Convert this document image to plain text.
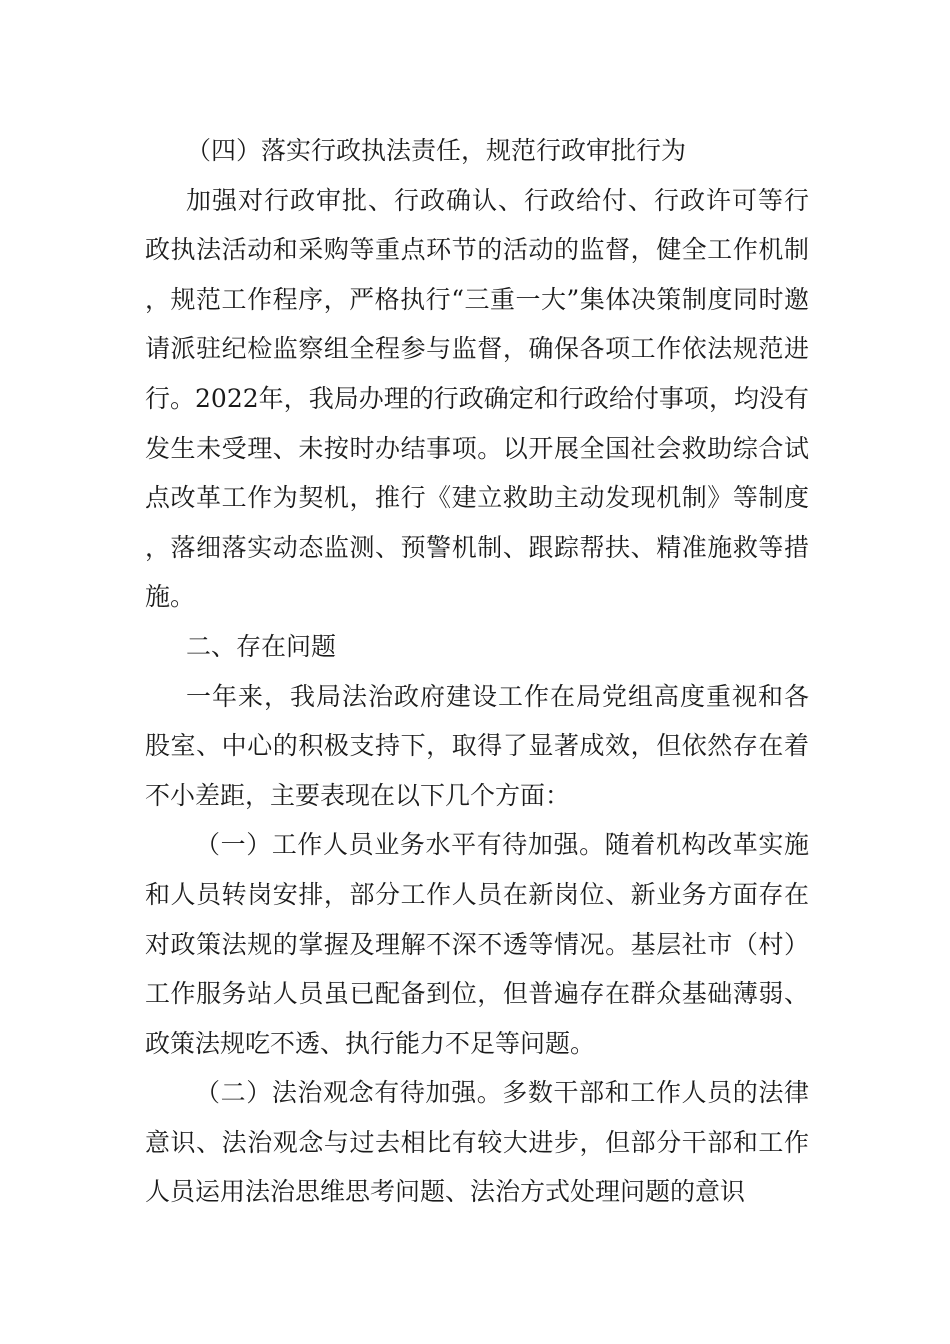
（四）落实行政执法责任，规范行政审批行为

加强对行政审批、行政确认、行政给付、行政许可等行政执法活动和采购等重点环节的活动的监督，健全工作机制，规范工作程序，严格执行“三重一大”集体决策制度同时邀请派驻纪检监察组全程参与监督，确保各项工作依法规范进行。2022年，我局办理的行政确定和行政给付事项，均没有发生未受理、未按时办结事项。以开展全国社会救助综合试点改革工作为契机，推行《建立救助主动发现机制》等制度，落细落实动态监测、预警机制、跟踪帮扶、精准施救等措施。

二、存在问题

一年来，我局法治政府建设工作在局党组高度重视和各股室、中心的积极支持下，取得了显著成效，但依然存在着不小差距，主要表现在以下几个方面：

（一）工作人员业务水平有待加强。随着机构改革实施和人员转岗安排，部分工作人员在新岗位、新业务方面存在对政策法规的掌握及理解不深不透等情况。基层社市（村）工作服务站人员虽已配备到位，但普遍存在群众基础薄弱、政策法规吃不透、执行能力不足等问题。

（二）法治观念有待加强。多数干部和工作人员的法律意识、法治观念与过去相比有较大进步，但部分干部和工作人员运用法治思维思考问题、法治方式处理问题的意识
